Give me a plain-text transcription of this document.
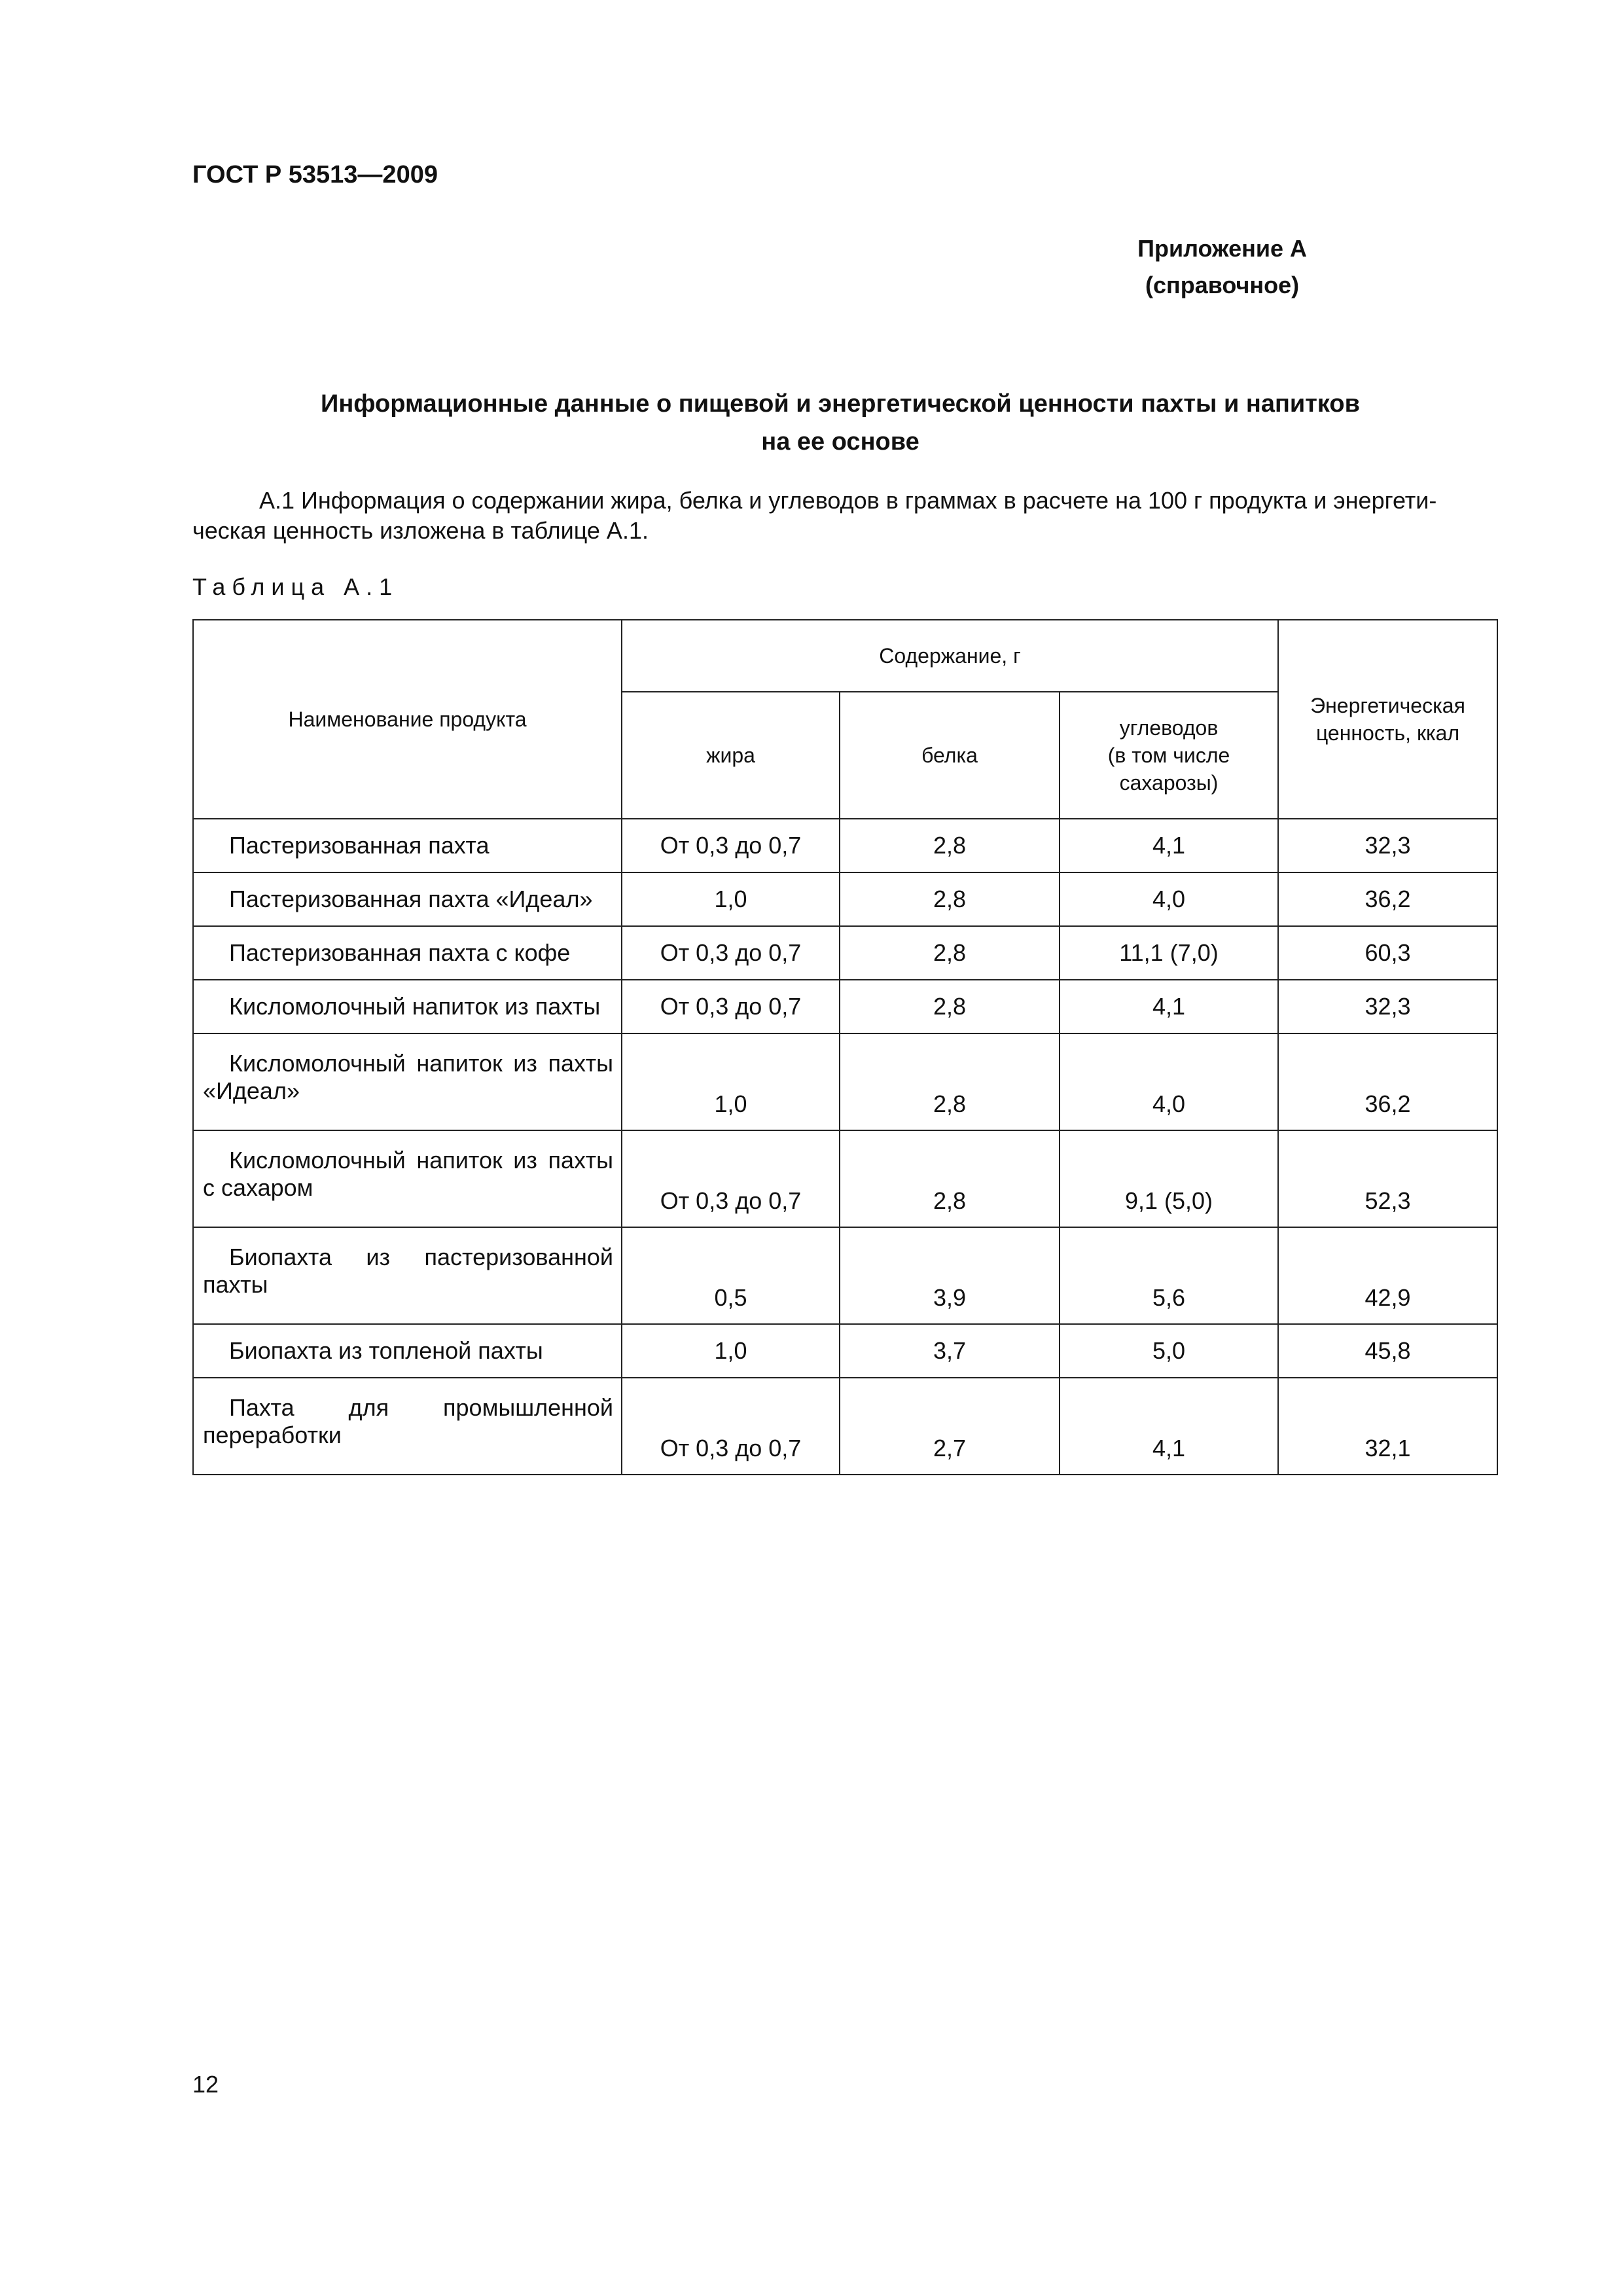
ГОСТ Р 53513—2009
Приложение А
(справочное)
Информационные данные о пищевой и энергетической ценности пахты и напитков
на ее основе
А.1 Информация о содержании жира, белка и углеводов в граммах в расчете на 100 г продукта и энергети-
ческая ценность изложена в таблице А.1.
Таблица А.1
Наименование продукта	Содержание, г			Энергетическая
ценность, ккал

	жира	белка	углеводов
(в том числе
сахарозы)	

Пастеризованная пахта	От 0,3 до 0,7	2,8	4,1	32,3

Пастеризованная пахта «Идеал»	1,0	2,8	4,0	36,2

Пастеризованная пахта с кофе	От 0,3 до 0,7	2,8	11,1 (7,0)	60,3

Кисломолочный напиток из пахты	От 0,3 до 0,7	2,8	4,1	32,3

Кисломолочный напиток из пахты «Идеал»	1,0	2,8	4,0	36,2

Кисломолочный напиток из пахты с сахаром	От 0,3 до 0,7	2,8	9,1 (5,0)	52,3

Биопахта из пастеризованной пахты	0,5	3,9	5,6	42,9

Биопахта из топленой пахты	1,0	3,7	5,0	45,8

Пахта для промышленной переработки	От 0,3 до 0,7	2,7	4,1	32,1
12
